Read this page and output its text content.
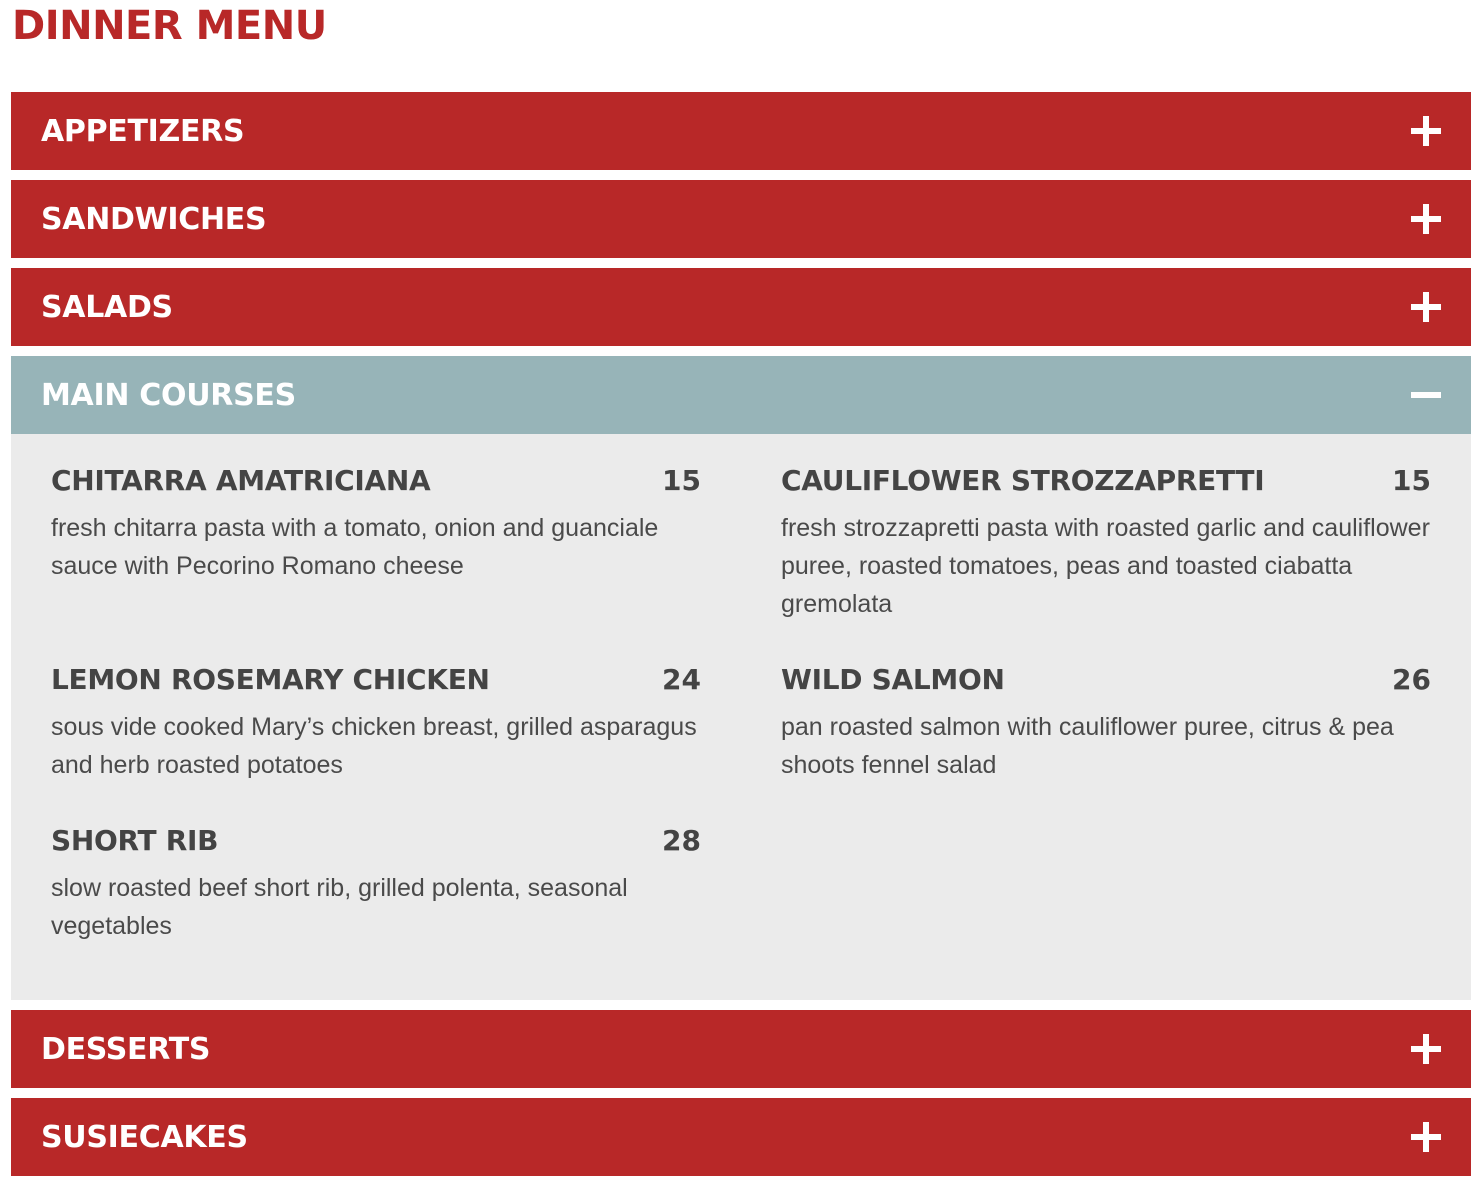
DINNER MENU
APPETIZERS
SANDWICHES
SALADS
MAIN COURSES
CHITARRA AMATRICIANA	15
fresh chitarra pasta with a tomato, onion and guanciale sauce with Pecorino Romano cheese
CAULIFLOWER STROZZAPRETTI	15
fresh strozzapretti pasta with roasted garlic and cauliflower puree, roasted tomatoes, peas and toasted ciabatta gremolata
LEMON ROSEMARY CHICKEN	24
sous vide cooked Mary’s chicken breast, grilled asparagus and herb roasted potatoes
WILD SALMON	26
pan roasted salmon with cauliflower puree, citrus & pea shoots fennel salad
SHORT RIB	28
slow roasted beef short rib, grilled polenta, seasonal vegetables
DESSERTS
SUSIECAKES
